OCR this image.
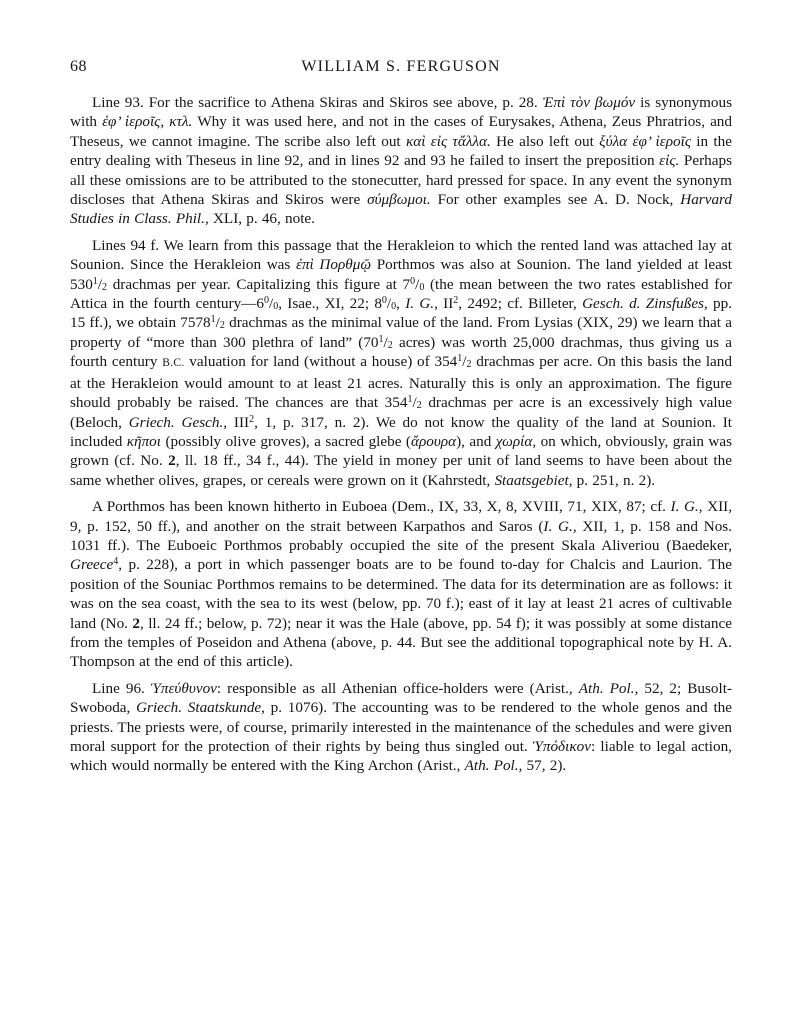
68	WILLIAM S. FERGUSON

Line 93. For the sacrifice to Athena Skiras and Skiros see above, p. 28. Ἐπὶ τὸν βωμόν is synonymous with ἐφ’ ἱεροῖς, κτλ. Why it was used here, and not in the cases of Eurysakes, Athena, Zeus Phratrios, and Theseus, we cannot imagine. The scribe also left out καὶ εἰς τἄλλα. He also left out ξύλα ἐφ’ ἱεροῖς in the entry dealing with Theseus in line 92, and in lines 92 and 93 he failed to insert the preposition εἰς. Perhaps all these omissions are to be attributed to the stonecutter, hard pressed for space. In any event the synonym discloses that Athena Skiras and Skiros were σύμβωμοι. For other examples see A. D. Nock, Harvard Studies in Class. Phil., XLI, p. 46, note.

Lines 94 f. We learn from this passage that the Herakleion to which the rented land was attached lay at Sounion. Since the Herakleion was ἐπὶ Πορθμῷ Porthmos was also at Sounion. The land yielded at least $530^1/_2$ drachmas per year. Capitalizing this figure at $7^0/_0$ (the mean between the two rates established for Attica in the fourth $century—6^0/_0$, Isae., XI, 22; $8^0/_0$, I. G., $II^2$, 2492; cf. Billeter, Gesch. d. Zinsfußes, pp. 15 ff.), we obtain $7578^1/_2$ drachmas as the minimal value of the land. From Lysias (XIX, 29) we learn that a property of “more than 300 plethra of land” ($70^1/_2$ acres) was worth 25,000 drachmas, thus giving us a fourth century B.C. valuation for land (without a house) of $354^1/_2$ drachmas per acre. On this basis the land at the Herakleion would amount to at least 21 acres. Naturally this is only an approximation. The figure should probably be raised. The chances are that $354^1/_2$ drachmas per acre is an excessively high value (Beloch, Griech. Gesch., III$^2$, 1, p. 317, n. 2). We do not know the quality of the land at Sounion. It included κῆποι (possibly olive groves), a sacred glebe (ἄρουρα), and χωρία, on which, obviously, grain was grown (cf. No. 2, ll. 18 ff., 34 f., 44). The yield in money per unit of land seems to have been about the same whether olives, grapes, or cereals were grown on it (Kahrstedt, Staatsgebiet, p. 251, n. 2).

A Porthmos has been known hitherto in Euboea (Dem., IX, 33, X, 8, XVIII, 71, XIX, 87; cf. I. G., XII, 9, p. 152, 50 ff.), and another on the strait between Karpathos and Saros (I. G., XII, 1, p. 158 and Nos. 1031 ff.). The Euboeic Porthmos probably occupied the site of the present Skala Aliveriou (Baedeker, Greece$^4$, p. 228), a port in which passenger boats are to be found to-day for Chalcis and Laurion. The position of the Souniac Porthmos remains to be determined. The data for its determination are as follows: it was on the sea coast, with the sea to its west (below, pp. 70 f.); east of it lay at least 21 acres of cultivable land (No. 2, ll. 24 ff.; below, p. 72); near it was the Hale (above, pp. 54 f); it was possibly at some distance from the temples of Poseidon and Athena (above, p. 44. But see the additional topographical note by H. A. Thompson at the end of this article).

Line 96. Ὑπεύθυνον: responsible as all Athenian office-holders were (Arist., Ath. Pol., 52, 2; Busolt-Swoboda, Griech. Staatskunde, p. 1076). The accounting was to be rendered to the whole genos and the priests. The priests were, of course, primarily interested in the maintenance of the schedules and were given moral support for the protection of their rights by being thus singled out. Ὑπόδικον: liable to legal action, which would normally be entered with the King Archon (Arist., Ath. Pol., 57, 2).
